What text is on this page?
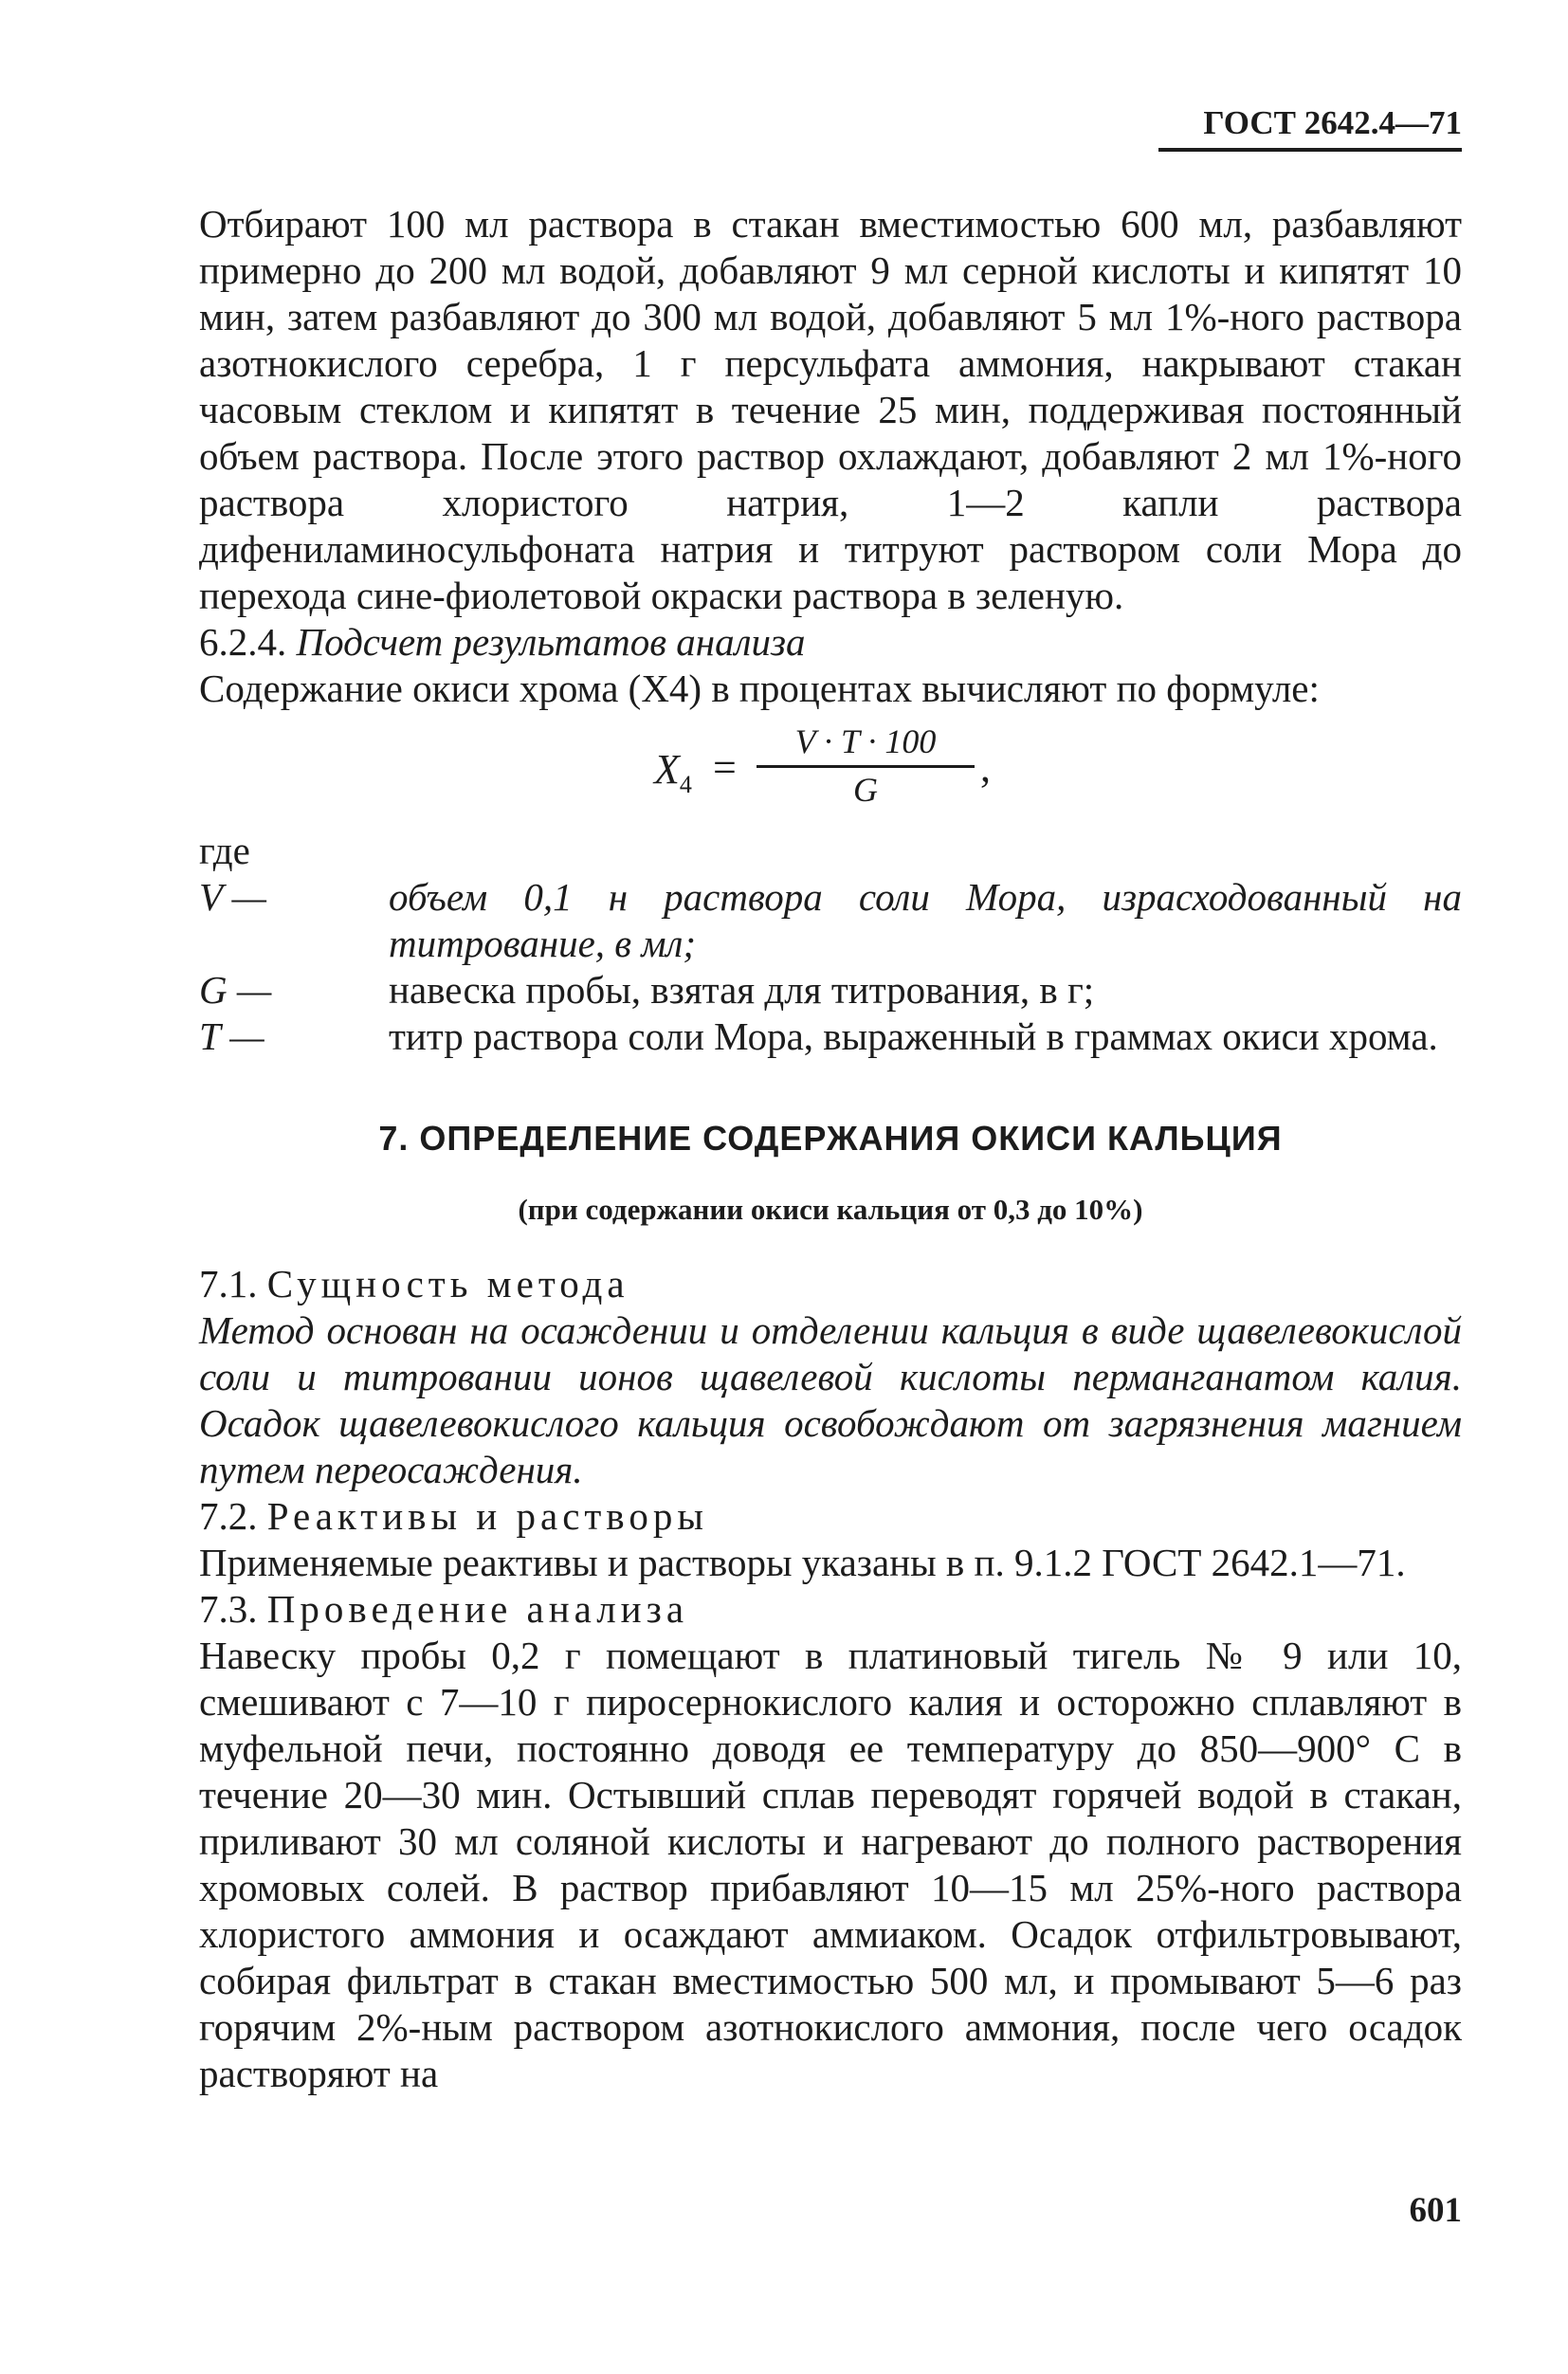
ГОСТ 2642.4—71

Отбирают 100 мл раствора в стакан вместимостью 600 мл, разбавляют примерно до 200 мл водой, добавляют 9 мл серной кислоты и кипятят 10 мин, затем разбавляют до 300 мл водой, добавляют 5 мл 1%-ного раствора азотнокислого серебра, 1 г персульфата аммония, накрывают стакан часовым стеклом и кипятят в течение 25 мин, поддерживая постоянный объем раствора. После этого раствор охлаждают, добавляют 2 мл 1%-ного раствора хлористого натрия, 1—2 капли раствора дифениламиносульфоната натрия и титруют раствором соли Мора до перехода сине-фиолетовой окраски раствора в зеленую.

6.2.4. Подсчет результатов анализа

Содержание окиси хрома (X4) в процентах вычисляют по формуле:

$X_4$ =
V · T · 100
G	,

где

V —	объем 0,1 н раствора соли Мора, израсходованный на титрование, в мл;
G —	навеска пробы, взятая для титрования, в г;
T —	титр раствора соли Мора, выраженный в граммах окиси хрома.
7. ОПРЕДЕЛЕНИЕ СОДЕРЖАНИЯ ОКИСИ КАЛЬЦИЯ
(при содержании окиси кальция от 0,3 до 10%)

7.1. Сущность метода

Метод основан на осаждении и отделении кальция в виде щавелевокислой соли и титровании ионов щавелевой кислоты перманганатом калия. Осадок щавелевокислого кальция освобождают от загрязнения магнием путем переосаждения.

7.2. Реактивы и растворы

Применяемые реактивы и растворы указаны в п. 9.1.2 ГОСТ 2642.1—71.

7.3. Проведение анализа

Навеску пробы 0,2 г помещают в платиновый тигель № 9 или 10, смешивают с 7—10 г пиросернокислого калия и осторожно сплавляют в муфельной печи, постоянно доводя ее температуру до 850—900° С в течение 20—30 мин. Остывший сплав переводят горячей водой в стакан, приливают 30 мл соляной кислоты и нагревают до полного растворения хромовых солей. В раствор прибавляют 10—15 мл 25%-ного раствора хлористого аммония и осаждают аммиаком. Осадок отфильтровывают, собирая фильтрат в стакан вместимостью 500 мл, и промывают 5—6 раз горячим 2%-ным раствором азотнокислого аммония, после чего осадок растворяют на

601
